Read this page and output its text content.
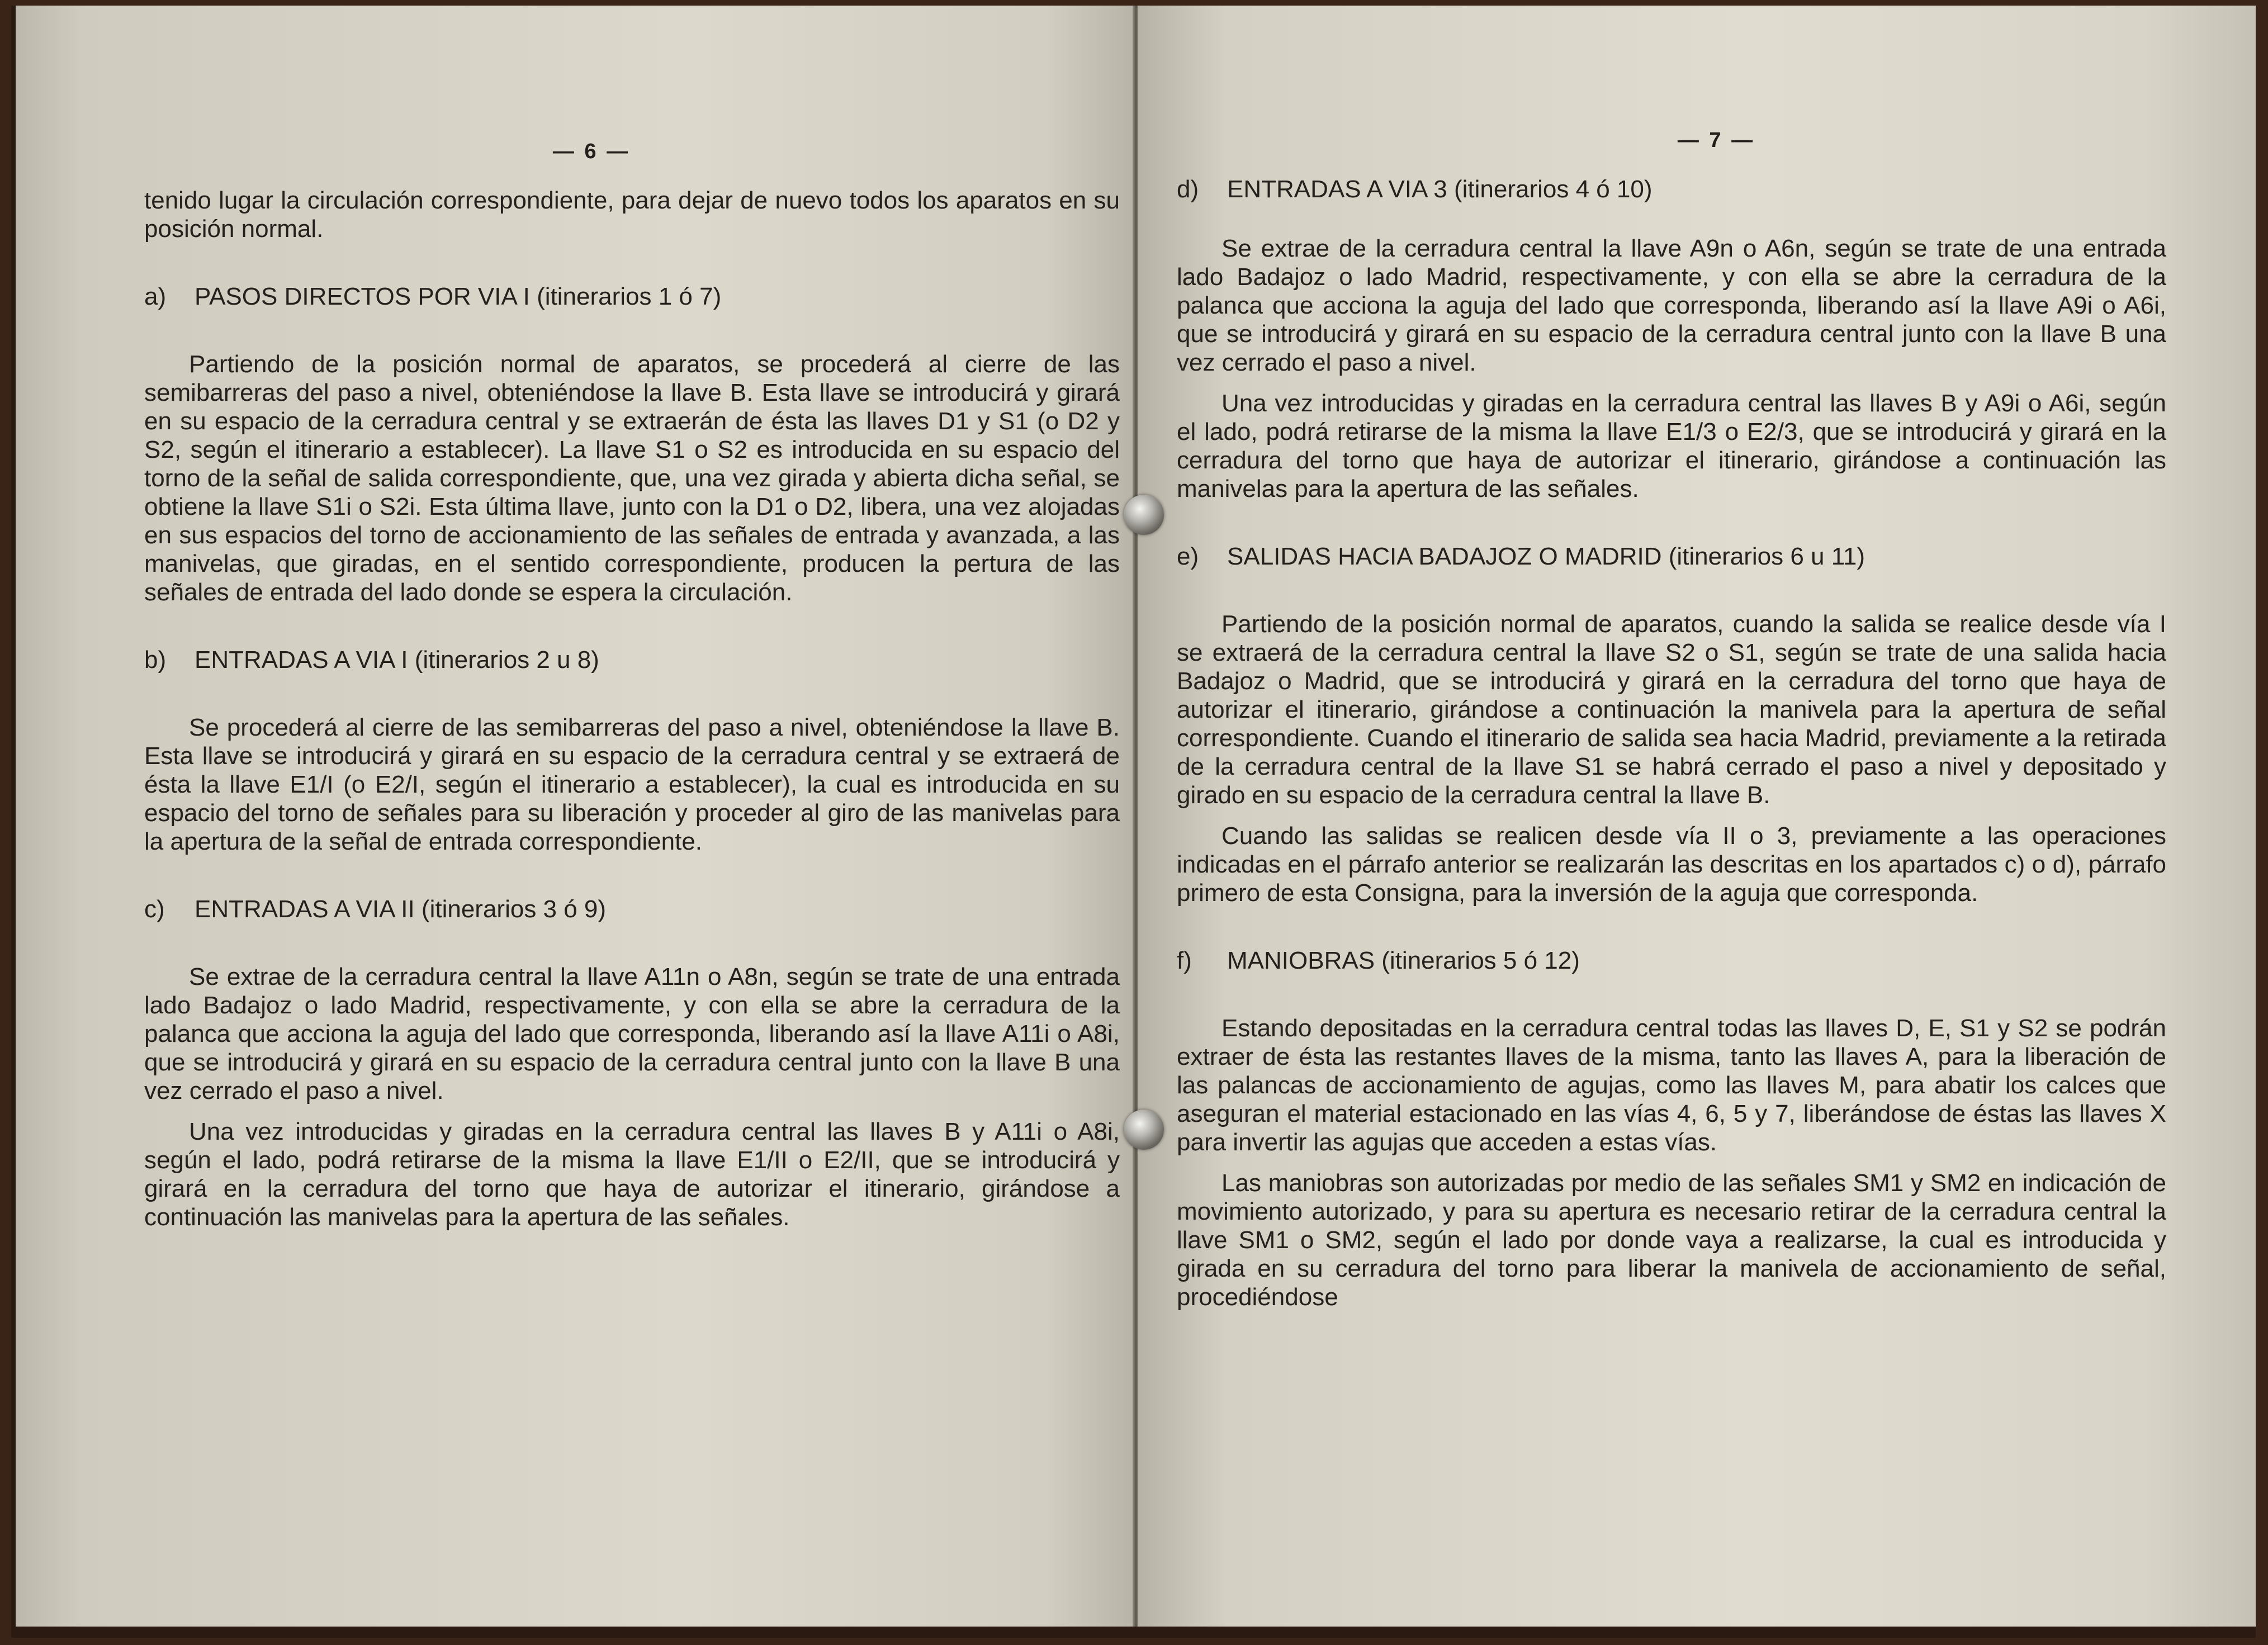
— 6 —

tenido lugar la circulación correspondiente, para dejar de nuevo todos los aparatos en su posición normal.

a) PASOS DIRECTOS POR VIA I (itinerarios 1 ó 7)

Partiendo de la posición normal de aparatos, se procederá al cierre de las semibarreras del paso a nivel, obteniéndose la llave B. Esta llave se introducirá y girará en su espacio de la cerradura central y se extraerán de ésta las llaves D1 y S1 (o D2 y S2, según el itinerario a establecer). La llave S1 o S2 es introducida en su espacio del torno de la señal de salida correspondiente, que, una vez girada y abierta dicha señal, se obtiene la llave S1i o S2i. Esta última llave, junto con la D1 o D2, libera, una vez alojadas en sus espacios del torno de accionamiento de las señales de entrada y avanzada, a las manivelas, que giradas, en el sentido correspondiente, producen la pertura de las señales de entrada del lado donde se espera la circulación.

b) ENTRADAS A VIA I (itinerarios 2 u 8)

Se procederá al cierre de las semibarreras del paso a nivel, obteniéndose la llave B. Esta llave se introducirá y girará en su espacio de la cerradura central y se extraerá de ésta la llave E1/I (o E2/I, según el itinerario a establecer), la cual es introducida en su espacio del torno de señales para su liberación y proceder al giro de las manivelas para la apertura de la señal de entrada correspondiente.

c) ENTRADAS A VIA II (itinerarios 3 ó 9)

Se extrae de la cerradura central la llave A11n o A8n, según se trate de una entrada lado Badajoz o lado Madrid, respectivamente, y con ella se abre la cerradura de la palanca que acciona la aguja del lado que corresponda, liberando así la llave A11i o A8i, que se introducirá y girará en su espacio de la cerradura central junto con la llave B una vez cerrado el paso a nivel.

Una vez introducidas y giradas en la cerradura central las llaves B y A11i o A8i, según el lado, podrá retirarse de la misma la llave E1/II o E2/II, que se introducirá y girará en la cerradura del torno que haya de autorizar el itinerario, girándose a continuación las manivelas para la apertura de las señales.

— 7 —
d) ENTRADAS A VIA 3 (itinerarios 4 ó 10)

Se extrae de la cerradura central la llave A9n o A6n, según se trate de una entrada lado Badajoz o lado Madrid, respectivamente, y con ella se abre la cerradura de la palanca que acciona la aguja del lado que corresponda, liberando así la llave A9i o A6i, que se introducirá y girará en su espacio de la cerradura central junto con la llave B una vez cerrado el paso a nivel.

Una vez introducidas y giradas en la cerradura central las llaves B y A9i o A6i, según el lado, podrá retirarse de la misma la llave E1/3 o E2/3, que se introducirá y girará en la cerradura del torno que haya de autorizar el itinerario, girándose a continuación las manivelas para la apertura de las señales.

e) SALIDAS HACIA BADAJOZ O MADRID (itinerarios 6 u 11)

Partiendo de la posición normal de aparatos, cuando la salida se realice desde vía I se extraerá de la cerradura central la llave S2 o S1, según se trate de una salida hacia Badajoz o Madrid, que se introducirá y girará en la cerradura del torno que haya de autorizar el itinerario, girándose a continuación la manivela para la apertura de señal correspondiente. Cuando el itinerario de salida sea hacia Madrid, previamente a la retirada de la cerradura central de la llave S1 se habrá cerrado el paso a nivel y depositado y girado en su espacio de la cerradura central la llave B.

Cuando las salidas se realicen desde vía II o 3, previamente a las operaciones indicadas en el párrafo anterior se realizarán las descritas en los apartados c) o d), párrafo primero de esta Consigna, para la inversión de la aguja que corresponda.

f) MANIOBRAS (itinerarios 5 ó 12)

Estando depositadas en la cerradura central todas las llaves D, E, S1 y S2 se podrán extraer de ésta las restantes llaves de la misma, tanto las llaves A, para la liberación de las palancas de accionamiento de agujas, como las llaves M, para abatir los calces que aseguran el material estacionado en las vías 4, 6, 5 y 7, liberándose de éstas las llaves X para invertir las agujas que acceden a estas vías.

Las maniobras son autorizadas por medio de las señales SM1 y SM2 en indicación de movimiento autorizado, y para su apertura es necesario retirar de la cerradura central la llave SM1 o SM2, según el lado por donde vaya a realizarse, la cual es introducida y girada en su cerradura del torno para liberar la manivela de accionamiento de señal, procediéndose
